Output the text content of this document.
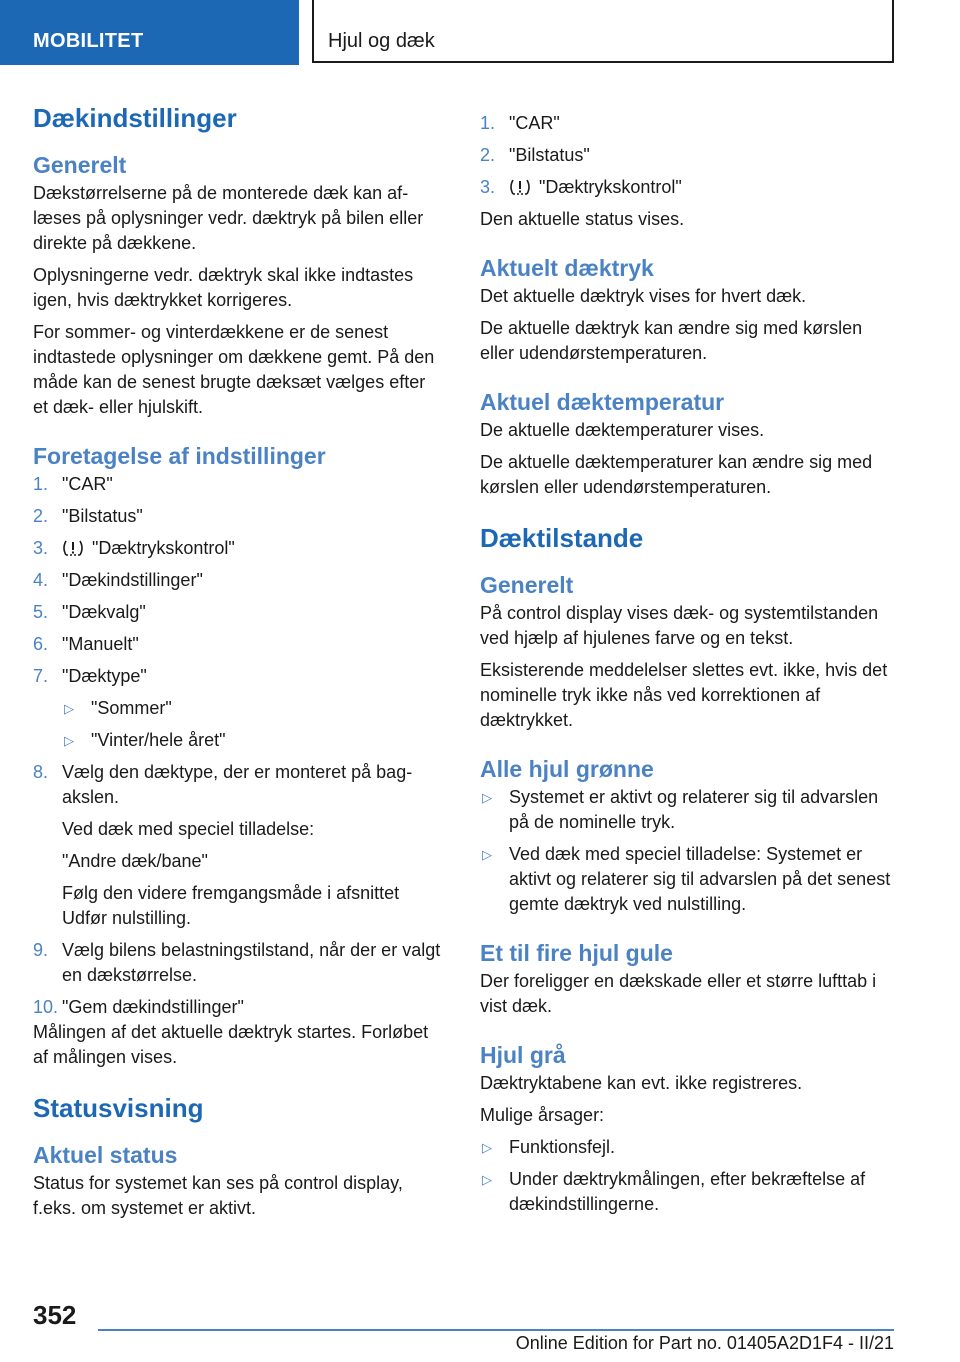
MOBILITET	Hjul og dæk
Dækindstillinger
Generelt

Dækstørrelserne på de monterede dæk kan aflæses på oplysninger vedr. dæktryk på bilen eller direkte på dækkene.

Oplysningerne vedr. dæktryk skal ikke indtastes igen, hvis dæktrykket korrigeres.

For sommer- og vinterdækkene er de senest indtastede oplysninger om dækkene gemt. På den måde kan de senest brugte dæksæt vælges efter et dæk- eller hjulskift.

Foretagelse af indstillinger
1. "CAR"
2. "Bilstatus"
3. "Dæktrykskontrol"
4. "Dækindstillinger"
5. "Dækvalg"
6. "Manuelt"
7. "Dæktype"
▷ "Sommer"
▷ "Vinter/hele året"
8. Vælg den dæktype, der er monteret på bagakslen.
Ved dæk med speciel tilladelse:
"Andre dæk/bane"
Følg den videre fremgangsmåde i afsnittet Udfør nulstilling.
9. Vælg bilens belastningstilstand, når der er valgt en dækstørrelse.
10. "Gem dækindstillinger"

Målingen af det aktuelle dæktryk startes. Forløbet af målingen vises.

Statusvisning
Aktuel status

Status for systemet kan ses på control display, f.eks. om systemet er aktivt.

1. "CAR"
2. "Bilstatus"
3. "Dæktrykskontrol"

Den aktuelle status vises.

Aktuelt dæktryk

Det aktuelle dæktryk vises for hvert dæk.

De aktuelle dæktryk kan ændre sig med kørslen eller udendørstemperaturen.

Aktuel dæktemperatur

De aktuelle dæktemperaturer vises.

De aktuelle dæktemperaturer kan ændre sig med kørslen eller udendørstemperaturen.

Dæktilstande
Generelt

På control display vises dæk- og systemtilstanden ved hjælp af hjulenes farve og en tekst.

Eksisterende meddelelser slettes evt. ikke, hvis det nominelle tryk ikke nås ved korrektionen af dæktrykket.

Alle hjul grønne
▷ Systemet er aktivt og relaterer sig til advarslen på de nominelle tryk.
▷ Ved dæk med speciel tilladelse: Systemet er aktivt og relaterer sig til advarslen på det senest gemte dæktryk ved nulstilling.
Et til fire hjul gule

Der foreligger en dækskade eller et større lufttab i vist dæk.

Hjul grå

Dæktryktabene kan evt. ikke registreres.

Mulige årsager:

▷ Funktionsfejl.
▷ Under dæktrykmålingen, efter bekræftelse af dækindstillingerne.
352
Online Edition for Part no. 01405A2D1F4 - II/21
